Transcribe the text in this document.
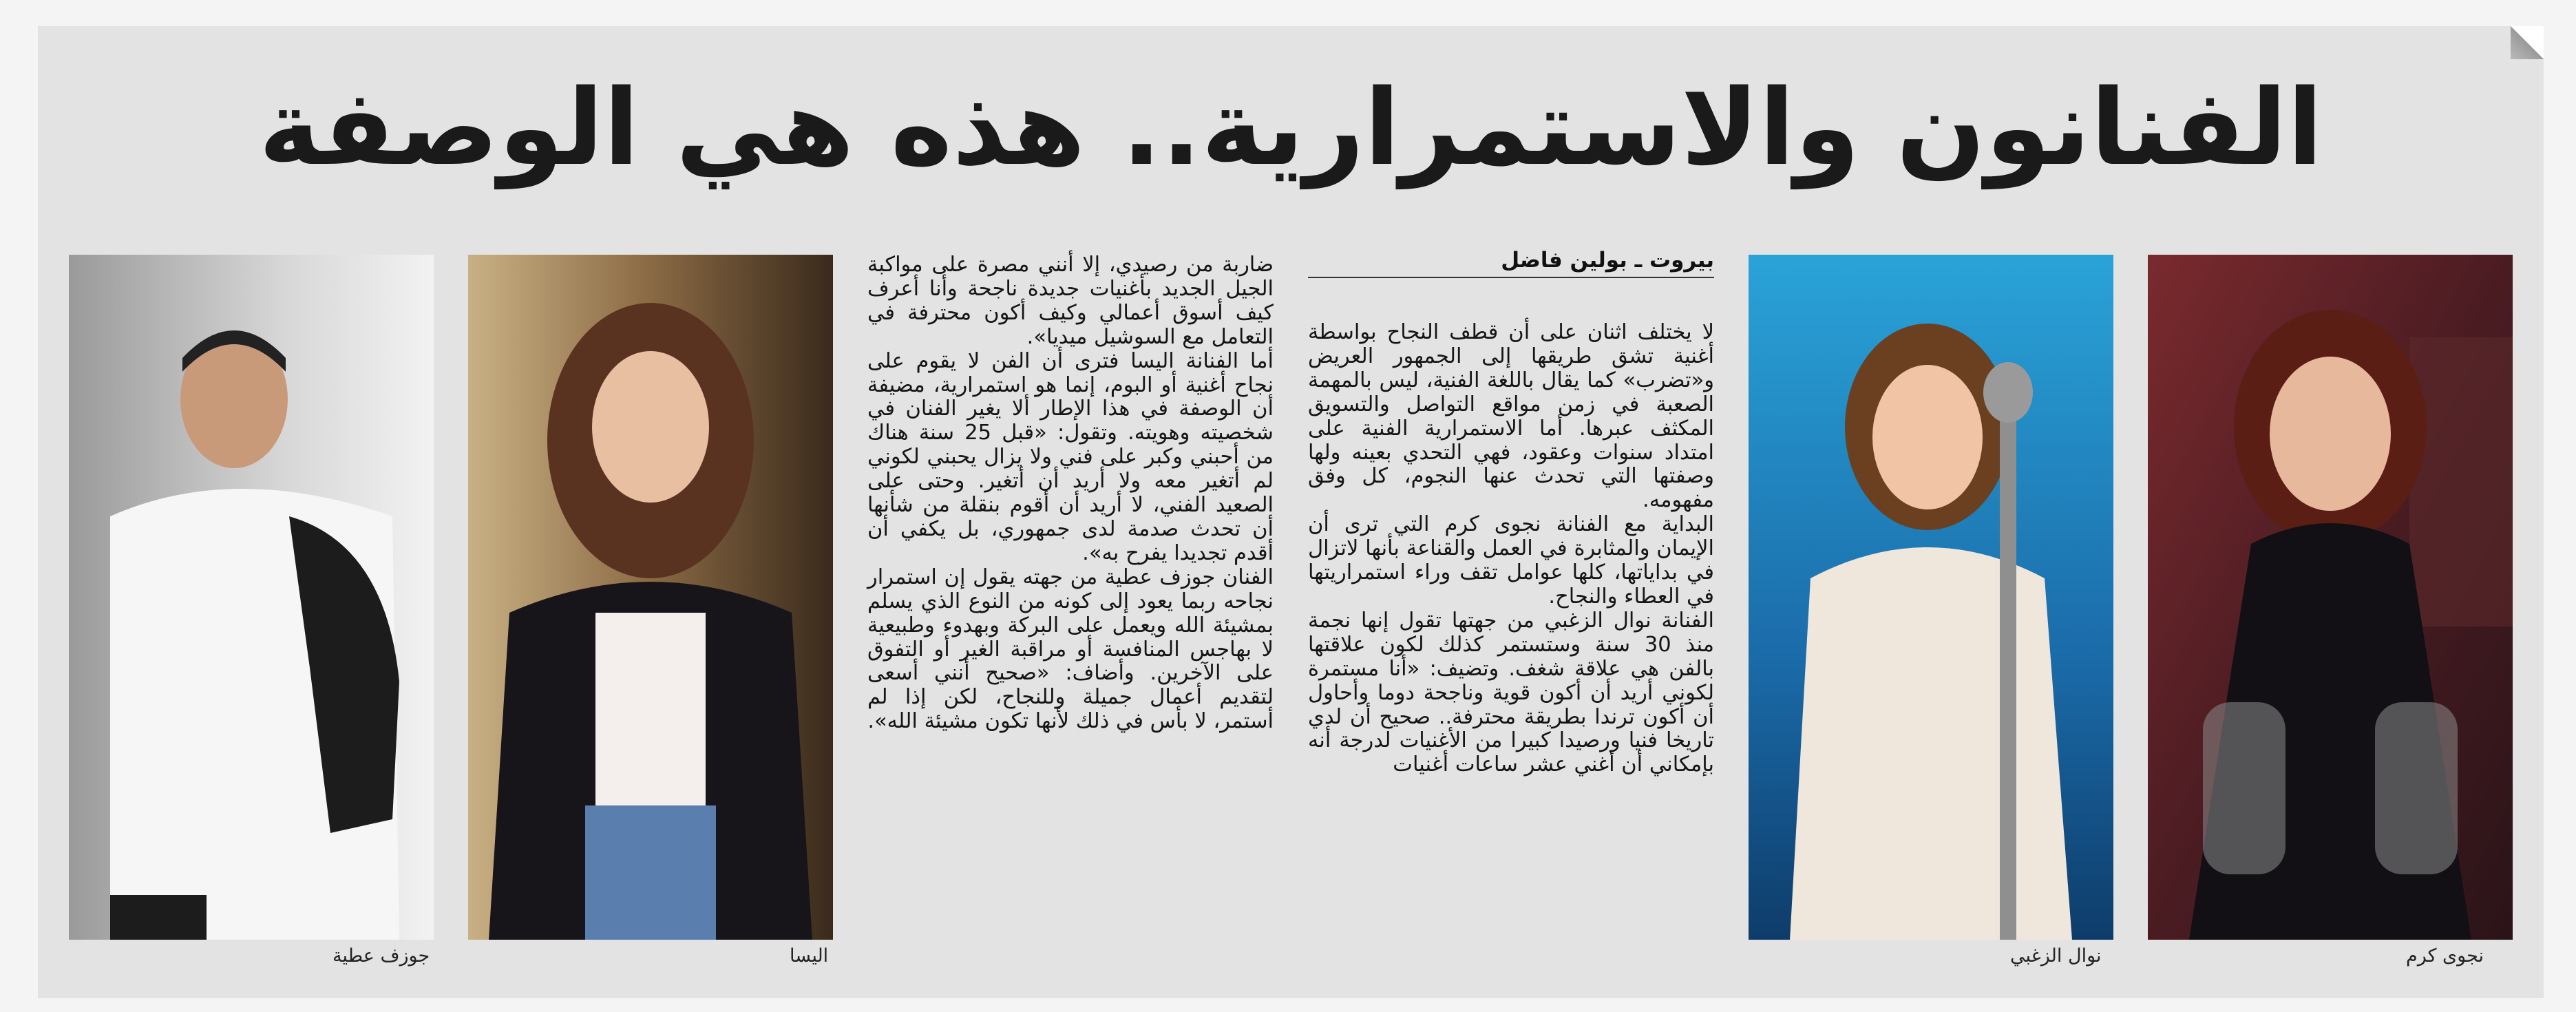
الفنانون والاستمرارية.. هذه هي الوصفة
نجوى كرم
نوال الزغبي
بيروت ـ بولين فاضل

لا يختلف اثنان على أن قطف النجاح بواسطة أغنية تشق طريقها إلى الجمهور العريض و«تضرب» كما يقال باللغة الفنية، ليس بالمهمة الصعبة في زمن مواقع التواصل والتسويق المكثف عبرها. أما الاستمرارية الفنية على امتداد سنوات وعقود، فهي التحدي بعينه ولها وصفتها التي تحدث عنها النجوم، كل وفق مفهومه.

البداية مع الفنانة نجوى كرم التي ترى أن الإيمان والمثابرة في العمل والقناعة بأنها لاتزال في بداياتها، كلها عوامل تقف وراء استمراريتها في العطاء والنجاح.

الفنانة نوال الزغبي من جهتها تقول إنها نجمة منذ 30 سنة وستستمر كذلك لكون علاقتها بالفن هي علاقة شغف. وتضيف: «أنا مستمرة لكوني أريد أن أكون قوية وناجحة دوما وأحاول أن أكون ترندا بطريقة محترفة.. صحيح أن لدي تاريخا فنيا ورصيدا كبيرا من الأغنيات لدرجة أنه بإمكاني أن أغني عشر ساعات أغنيات

ضاربة من رصيدي، إلا أنني مصرة على مواكبة الجيل الجديد بأغنيات جديدة ناجحة وأنا أعرف كيف أسوق أعمالي وكيف أكون محترفة في التعامل مع السوشيل ميديا».

أما الفنانة اليسا فترى أن الفن لا يقوم على نجاح أغنية أو البوم، إنما هو استمرارية، مضيفة أن الوصفة في هذا الإطار ألا يغير الفنان في شخصيته وهويته. وتقول: «قبل 25 سنة هناك من أحبني وكبر على فني ولا يزال يحبني لكوني لم أتغير معه ولا أريد أن أتغير. وحتى على الصعيد الفني، لا أريد أن أقوم بنقلة من شأنها أن تحدث صدمة لدى جمهوري، بل يكفي أن أقدم تجديدا يفرح به».

الفنان جوزف عطية من جهته يقول إن استمرار نجاحه ربما يعود إلى كونه من النوع الذي يسلم بمشيئة الله ويعمل على البركة وبهدوء وطبيعية لا بهاجس المنافسة أو مراقبة الغير أو التفوق على الآخرين. وأضاف: «صحيح أنني أسعى لتقديم أعمال جميلة وللنجاح، لكن إذا لم أستمر، لا بأس في ذلك لأنها تكون مشيئة الله».

اليسا
جوزف عطية
